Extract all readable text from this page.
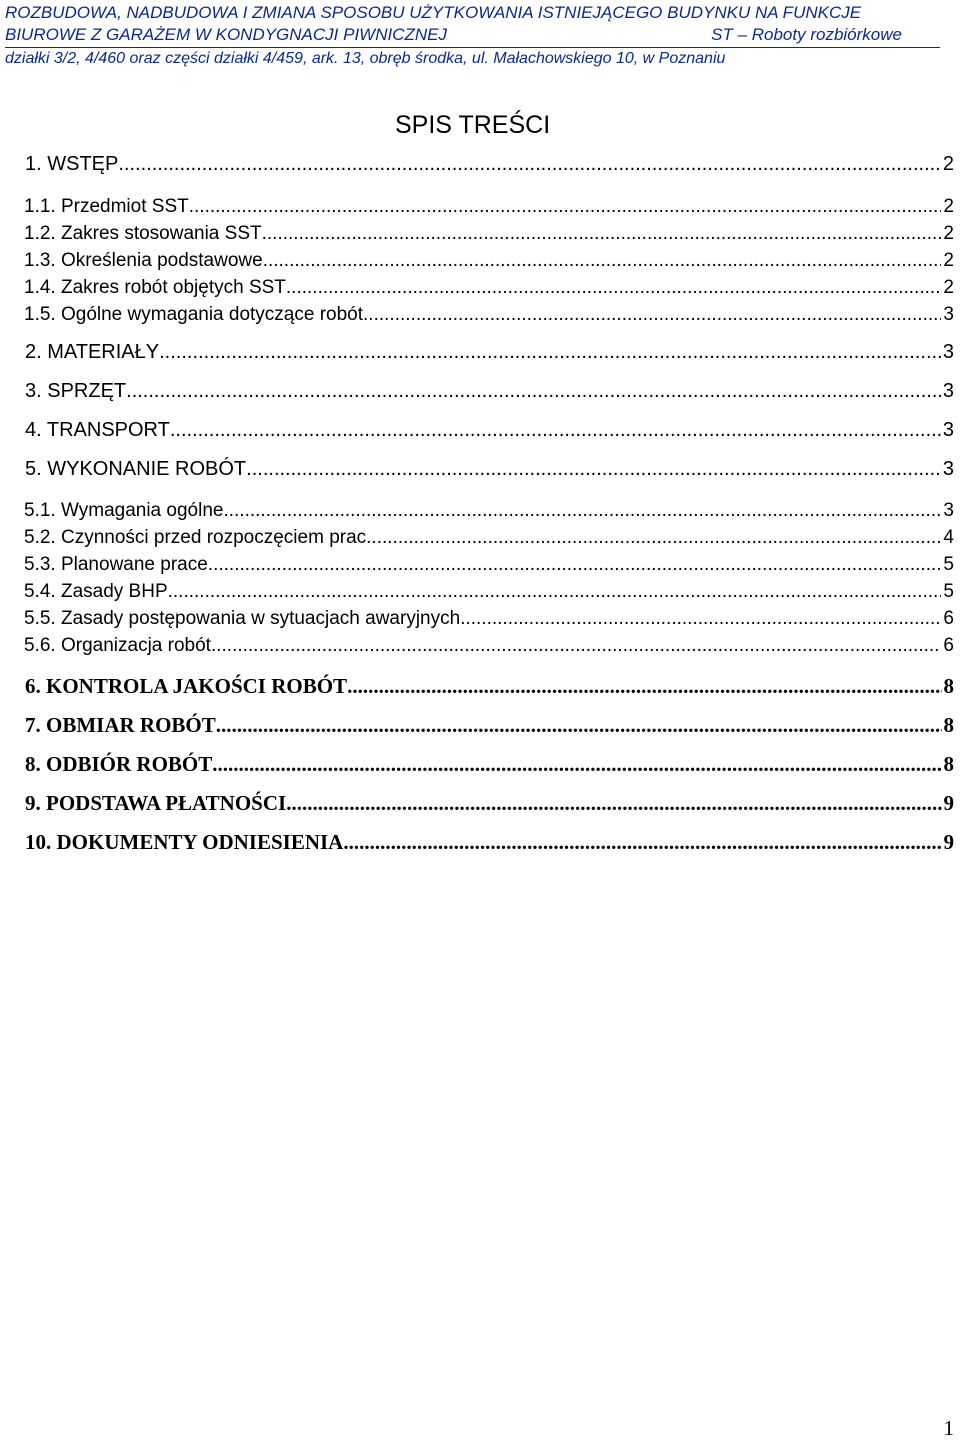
ROZBUDOWA, NADBUDOWA I ZMIANA SPOSOBU UŻYTKOWANIA ISTNIEJĄCEGO BUDYNKU NA FUNKCJE
BIUROWE Z GARAŻEM W KONDYGNACJI PIWNICZNEJ	ST – Roboty rozbiórkowe
działki 3/2, 4/460 oraz części działki 4/459, ark. 13, obręb środka, ul. Małachowskiego 10, w Poznaniu
SPIS TREŚCI
1. WSTĘP .....	2
1.1. Przedmiot SST .....	2
1.2. Zakres stosowania SST .....	2
1.3. Określenia podstawowe .....	2
1.4. Zakres robót objętych SST .....	2
1.5. Ogólne wymagania dotyczące robót .....	3
2. MATERIAŁY .....	3
3. SPRZĘT .....	3
4. TRANSPORT .....	3
5. WYKONANIE ROBÓT .....	3
5.1. Wymagania ogólne .....	3
5.2. Czynności przed rozpoczęciem prac .....	4
5.3. Planowane prace .....	5
5.4. Zasady BHP .....	5
5.5. Zasady postępowania w sytuacjach awaryjnych .....	6
5.6. Organizacja robót .....	6
6. KONTROLA JAKOŚCI ROBÓT .....	8
7. OBMIAR ROBÓT .....	8
8. ODBIÓR ROBÓT .....	8
9. PODSTAWA PŁATNOŚCI .....	9
10. DOKUMENTY ODNIESIENIA .....	9
1
